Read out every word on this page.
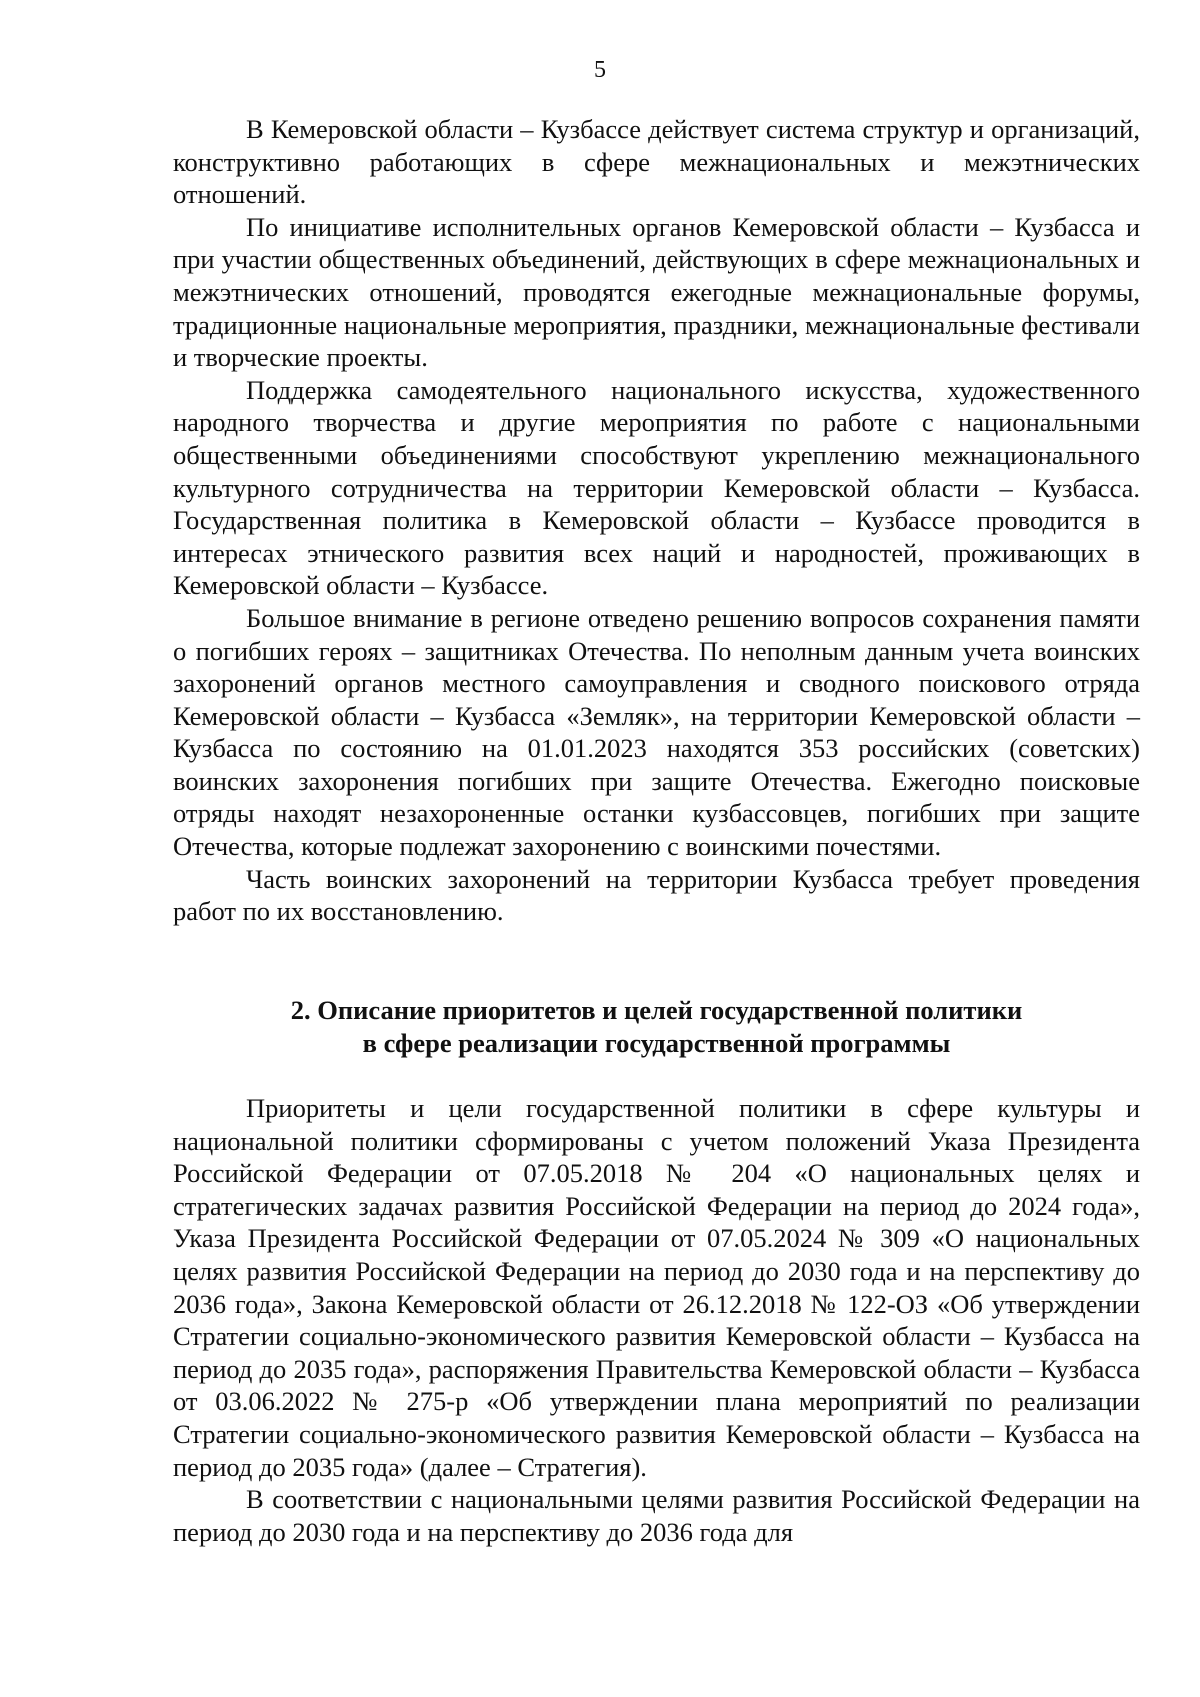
5

В Кемеровской области – Кузбассе действует система структур и организаций, конструктивно работающих в сфере межнациональных и межэтнических отношений.

По инициативе исполнительных органов Кемеровской области – Кузбасса и при участии общественных объединений, действующих в сфере межнациональных и межэтнических отношений, проводятся ежегодные межнациональные форумы, традиционные национальные мероприятия, праздники, межнациональные фестивали и творческие проекты.

Поддержка самодеятельного национального искусства, художественного народного творчества и другие мероприятия по работе с национальными общественными объединениями способствуют укреплению межнационального культурного сотрудничества на территории Кемеровской области – Кузбасса. Государственная политика в Кемеровской области – Кузбассе проводится в интересах этнического развития всех наций и народностей, проживающих в Кемеровской области – Кузбассе.

Большое внимание в регионе отведено решению вопросов сохранения памяти о погибших героях – защитниках Отечества. По неполным данным учета воинских захоронений органов местного самоуправления и сводного поискового отряда Кемеровской области – Кузбасса «Земляк», на территории Кемеровской области – Кузбасса по состоянию на 01.01.2023 находятся 353 российских (советских) воинских захоронения погибших при защите Отечества. Ежегодно поисковые отряды находят незахороненные останки кузбассовцев, погибших при защите Отечества, которые подлежат захоронению с воинскими почестями.

Часть воинских захоронений на территории Кузбасса требует проведения работ по их восстановлению.

2. Описание приоритетов и целей государственной политики
в сфере реализации государственной программы

Приоритеты и цели государственной политики в сфере культуры и национальной политики сформированы с учетом положений Указа Президента Российской Федерации от 07.05.2018 № 204 «О национальных целях и стратегических задачах развития Российской Федерации на период до 2024 года», Указа Президента Российской Федерации от 07.05.2024 № 309 «О национальных целях развития Российской Федерации на период до 2030 года и на перспективу до 2036 года», Закона Кемеровской области от 26.12.2018 № 122-ОЗ «Об утверждении Стратегии социально-экономического развития Кемеровской области – Кузбасса на период до 2035 года», распоряжения Правительства Кемеровской области – Кузбасса от 03.06.2022 № 275-р «Об утверждении плана мероприятий по реализации Стратегии социально-экономического развития Кемеровской области – Кузбасса на период до 2035 года» (далее – Стратегия).

В соответствии с национальными целями развития Российской Федерации на период до 2030 года и на перспективу до 2036 года для
